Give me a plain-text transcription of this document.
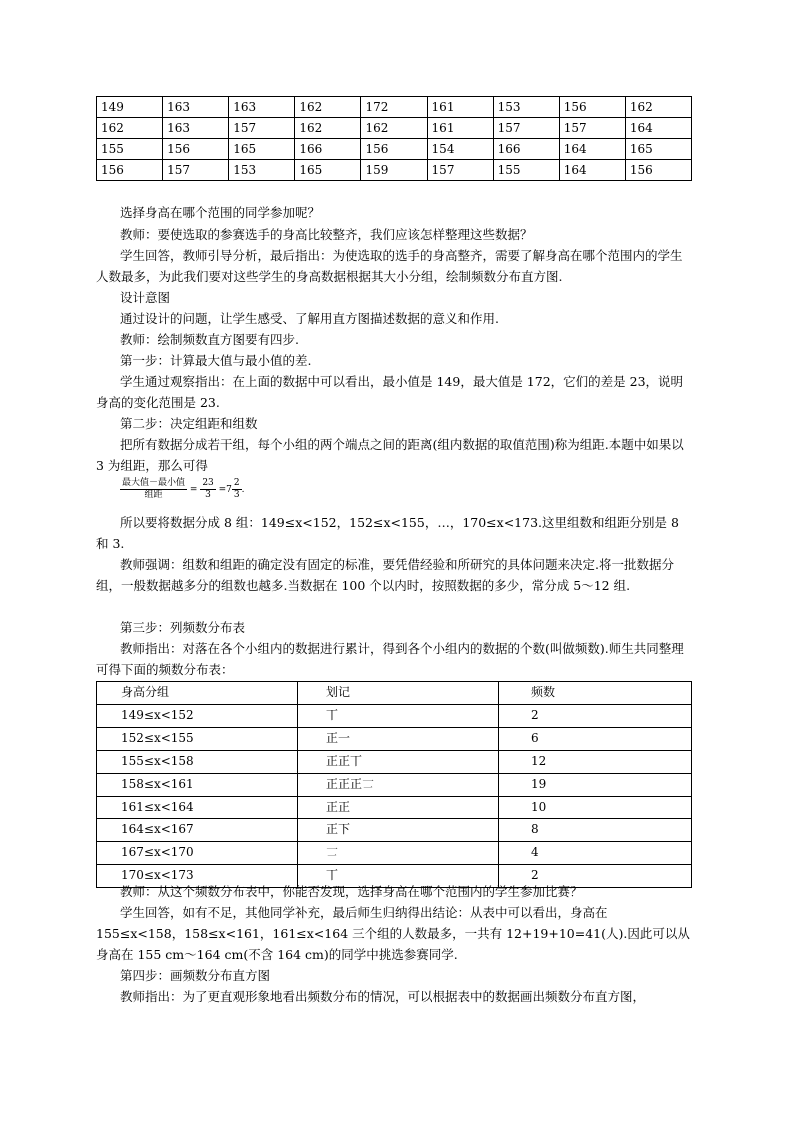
149	163	163	162	172	161	153	156	162
162	163	157	162	162	161	157	157	164
155	156	165	166	156	154	166	164	165
156	157	153	165	159	157	155	164	156

选择身高在哪个范围的同学参加呢？

教师：要使选取的参赛选手的身高比较整齐，我们应该怎样整理这些数据？

学生回答，教师引导分析，最后指出：为使选取的选手的身高整齐，需要了解身高在哪个范围内的学生人数最多，为此我们要对这些学生的身高数据根据其大小分组，绘制频数分布直方图.

设计意图

通过设计的问题，让学生感受、了解用直方图描述数据的意义和作用.

教师：绘制频数直方图要有四步.

第一步：计算最大值与最小值的差.

学生通过观察指出：在上面的数据中可以看出，最小值是 149，最大值是 172，它们的差是 23，说明身高的变化范围是 23.

第二步：决定组距和组数

把所有数据分成若干组，每个小组的两个端点之间的距离(组内数据的取值范围)称为组距.本题中如果以 3 为组距，那么可得

$\frac{\text{最大值－最小值}}{\text{组距}} = \frac{23}{3} =7 \frac{2}{3}$ .

所以要将数据分成 8 组：149≤x<152，152≤x<155，…，170≤x<173.这里组数和组距分别是 8 和 3.

教师强调：组数和组距的确定没有固定的标准，要凭借经验和所研究的具体问题来决定.将一批数据分组，一般数据越多分的组数也越多.当数据在 100 个以内时，按照数据的多少，常分成 5～12 组.

第三步：列频数分布表

教师指出：对落在各个小组内的数据进行累计，得到各个小组内的数据的个数(叫做频数).师生共同整理可得下面的频数分布表：

身高分组	划记	频数
149≤x<152	丅	2
152≤x<155	正一	6
155≤x<158	正正丅	12
158≤x<161	正正正𠄟	19
161≤x<164	正正	10
164≤x<167	正下	8
167≤x<170	𠄟	4
170≤x<173	丅	2

教师：从这个频数分布表中，你能否发现，选择身高在哪个范围内的学生参加比赛？

学生回答，如有不足，其他同学补充，最后师生归纳得出结论：从表中可以看出，身高在 155≤x<158，158≤x<161，161≤x<164 三个组的人数最多，一共有 12+19+10=41(人).因此可以从身高在 155 cm～164 cm(不含 164 cm)的同学中挑选参赛同学.

第四步：画频数分布直方图

教师指出：为了更直观形象地看出频数分布的情况，可以根据表中的数据画出频数分布直方图，
